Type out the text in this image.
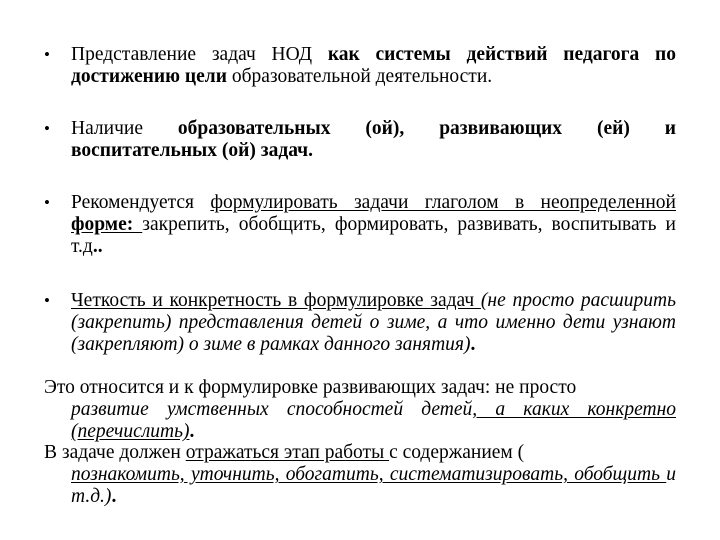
• Представление задач НОД как системы действий педагога по достижению цели образовательной деятельности.
• Наличие образовательных (ой), развивающих (ей) и воспитательных (ой) задач.
• Рекомендуется формулировать задачи глаголом в неопределенной форме: закрепить, обобщить, формировать, развивать, воспитывать и т.д..
• Четкость и конкретность в формулировке задач (не просто расширить (закрепить) представления детей о зиме, а что именно дети узнают (закрепляют) о зиме в рамках данного занятия).
Это относится и к формулировке развивающих задач: не просто
развитие умственных способностей детей, а каких конкретно (перечислить).
В задаче должен отражаться этап работы с содержанием (
познакомить, уточнить, обогатить, систематизировать, обобщить и т.д.).
